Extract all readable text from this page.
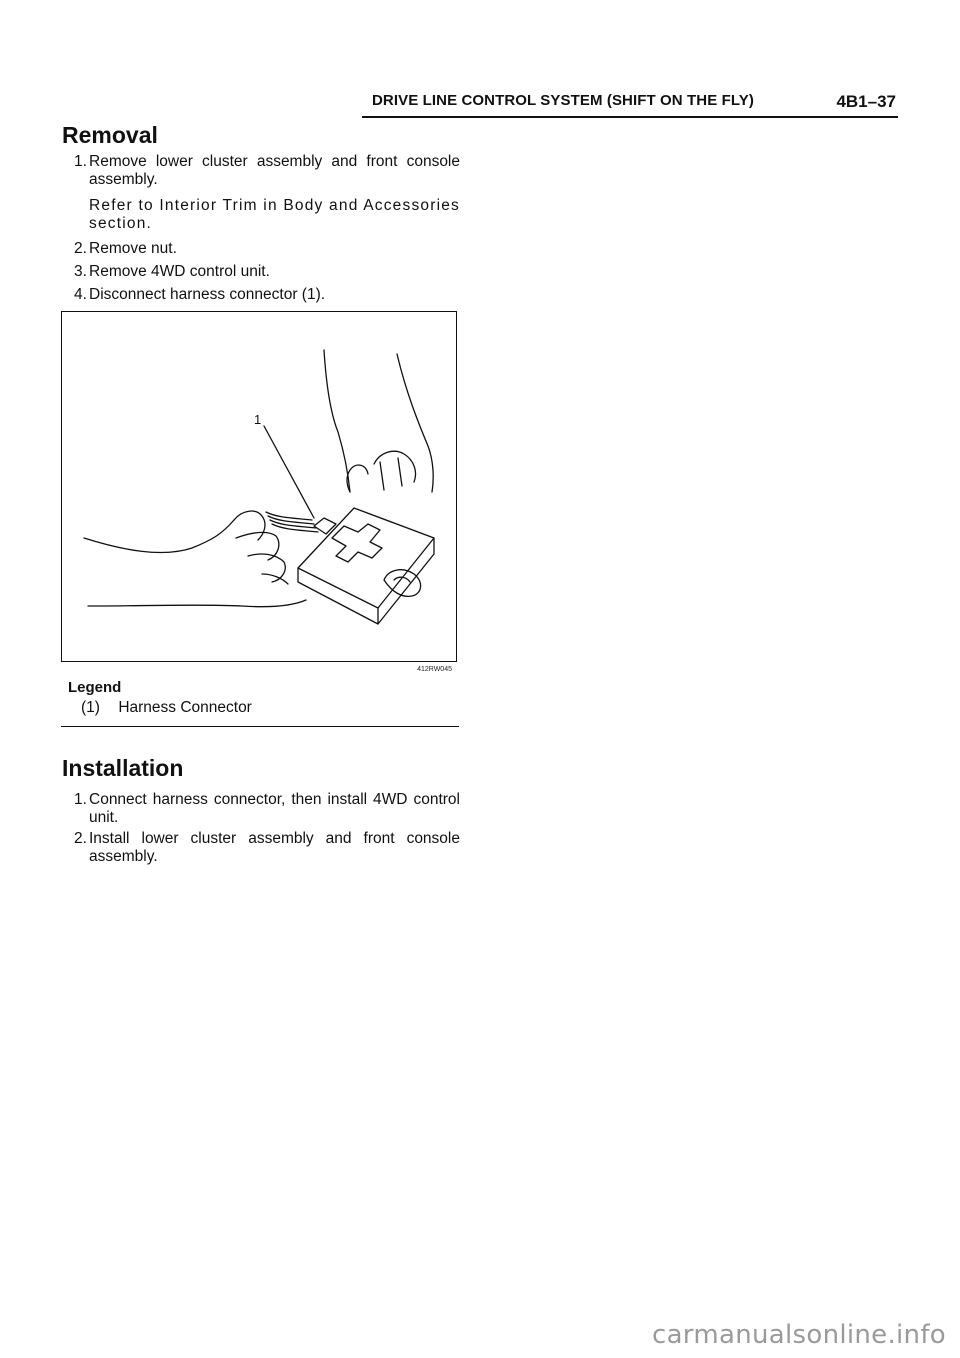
DRIVE LINE CONTROL SYSTEM (SHIFT ON THE FLY)	4B1–37
Removal
1. Remove lower cluster assembly and front console assembly.
Refer to Interior Trim in Body and Accessories section.
2. Remove nut.
3. Remove 4WD control unit.
4. Disconnect harness connector (1).
1
412RW045
Legend
(1) Harness Connector
Installation
1. Connect harness connector, then install 4WD control unit.
2. Install lower cluster assembly and front console assembly.
carmanualsonline.info
